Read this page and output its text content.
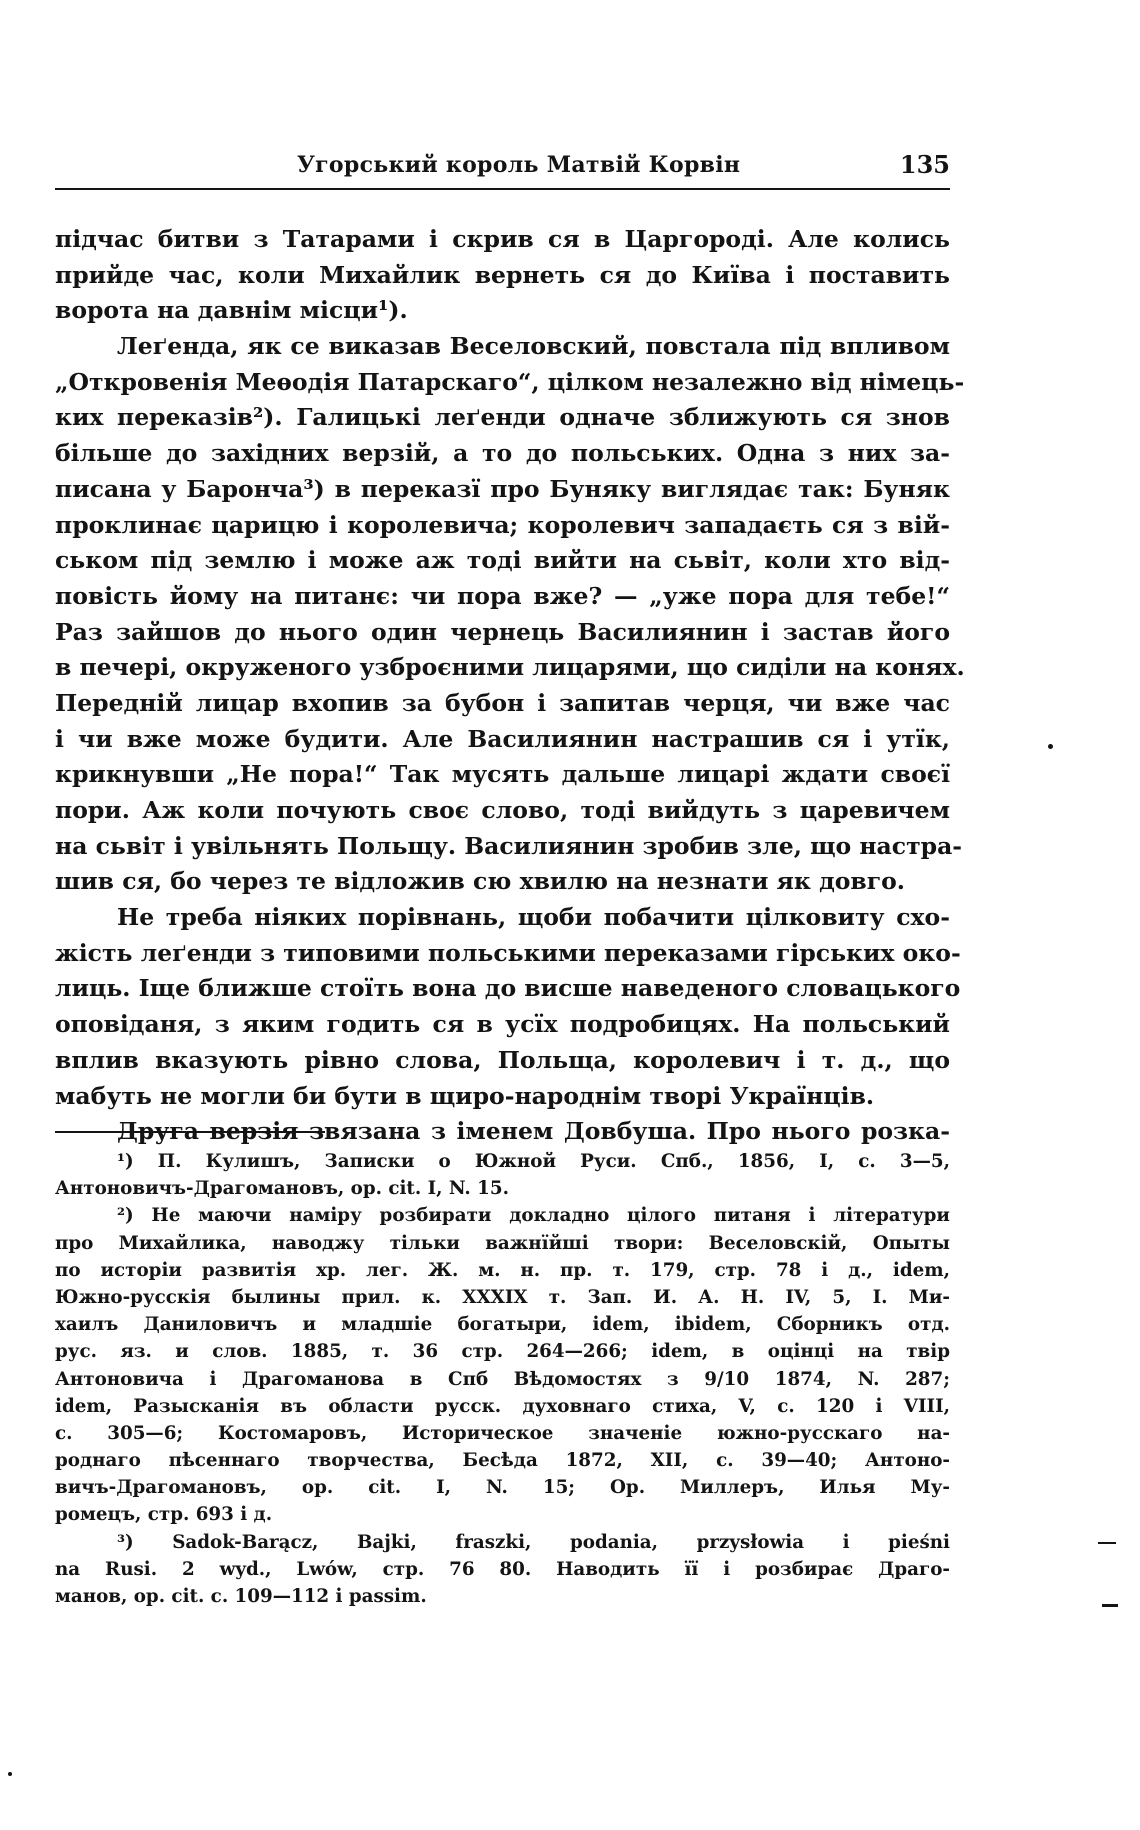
Угорський король Матвій Корвін	135
підчас битви з Татарами і скрив ся в Царгороді. Але колись
прийде час, коли Михайлик вернеть ся до Київа і поставить
ворота на давнім місци¹).
Леґенда, як се виказав Веселовский, повстала під впливом
„Откровенія Меѳодія Патарскаго“, цілком незалежно від німець-
ких переказів²). Галицькі леґенди одначе зближують ся знов
більше до західних верзій, а то до польських. Одна з них за-
писана у Баронча³) в переказї про Буняку виглядає так: Буняк
проклинає царицю і королевича; королевич западаєть ся з вій-
ськом під землю і може аж тоді вийти на сьвіт, коли хто від-
повість йому на питанє: чи пора вже? — „уже пора для тебе!“
Раз зайшов до нього один чернець Василиянин і застав його
в печері, окруженого узброєними лицарями, що сиділи на конях.
Передній лицар вхопив за бубон і запитав черця, чи вже час
і чи вже може будити. Але Василиянин настрашив ся і утїк,
крикнувши „Не пора!“ Так мусять дальше лицарі ждати своєї
пори. Аж коли почують своє слово, тоді вийдуть з царевичем
на сьвіт і увільнять Польщу. Василиянин зробив зле, що настра-
шив ся, бо через те відложив сю хвилю на незнати як довго.
Не треба ніяких порівнань, щоби побачити цілковиту схо-
жість леґенди з типовими польськими переказами гірських око-
лиць. Іще ближше стоїть вона до висше наведеного словацького
оповіданя, з яким годить ся в усїх подробицях. На польський
вплив вказують рівно слова, Польща, королевич і т. д., що
мабуть не могли би бути в щиро-народнім творі Українців.
Друга верзія звязана з іменем Довбуша. Про нього розка-
¹) П. Кулишъ, Записки о Южной Руси. Спб., 1856, I, с. 3—5,
Антоновичъ-Драгомановъ, op. cit. I, N. 15.
²) Не маючи наміру розбирати докладно цілого питаня і літератури
про Михайлика, наводжу тільки важнїйші твори: Веселовскій, Опыты
по исторіи развитія хр. лег. Ж. м. н. пр. т. 179, стр. 78 і д., idem,
Южно-русскія былины прил. к. XXXIX т. Зап. И. А. Н. IV, 5, I. Ми-
хаилъ Даниловичъ и младшіе богатыри, idem, ibidem, Сборникъ отд.
рус. яз. и слов. 1885, т. 36 стр. 264—266; idem, в оцінці на твір
Антоновича і Драгоманова в Спб Вѣдомостях з 9/10 1874, N. 287;
idem, Разысканія въ области русск. духовнаго стиха, V, с. 120 і VIII,
с. 305—6; Костомаровъ, Историческое значеніе южно-русскаго на-
роднаго пѣсеннаго творчества, Бесѣда 1872, XII, с. 39—40; Антоно-
вичъ-Драгомановъ, op. cit. I, N. 15; Ор. Миллеръ, Илья Му-
ромецъ, стр. 693 і д.
³) Sadok-Barącz, Bajki, fraszki, podania, przysłowia i pieśni
na Rusi. 2 wyd., Lwów, стр. 76 80. Наводить її і розбирає Драго-
манов, op. cit. с. 109—112 і passim.
